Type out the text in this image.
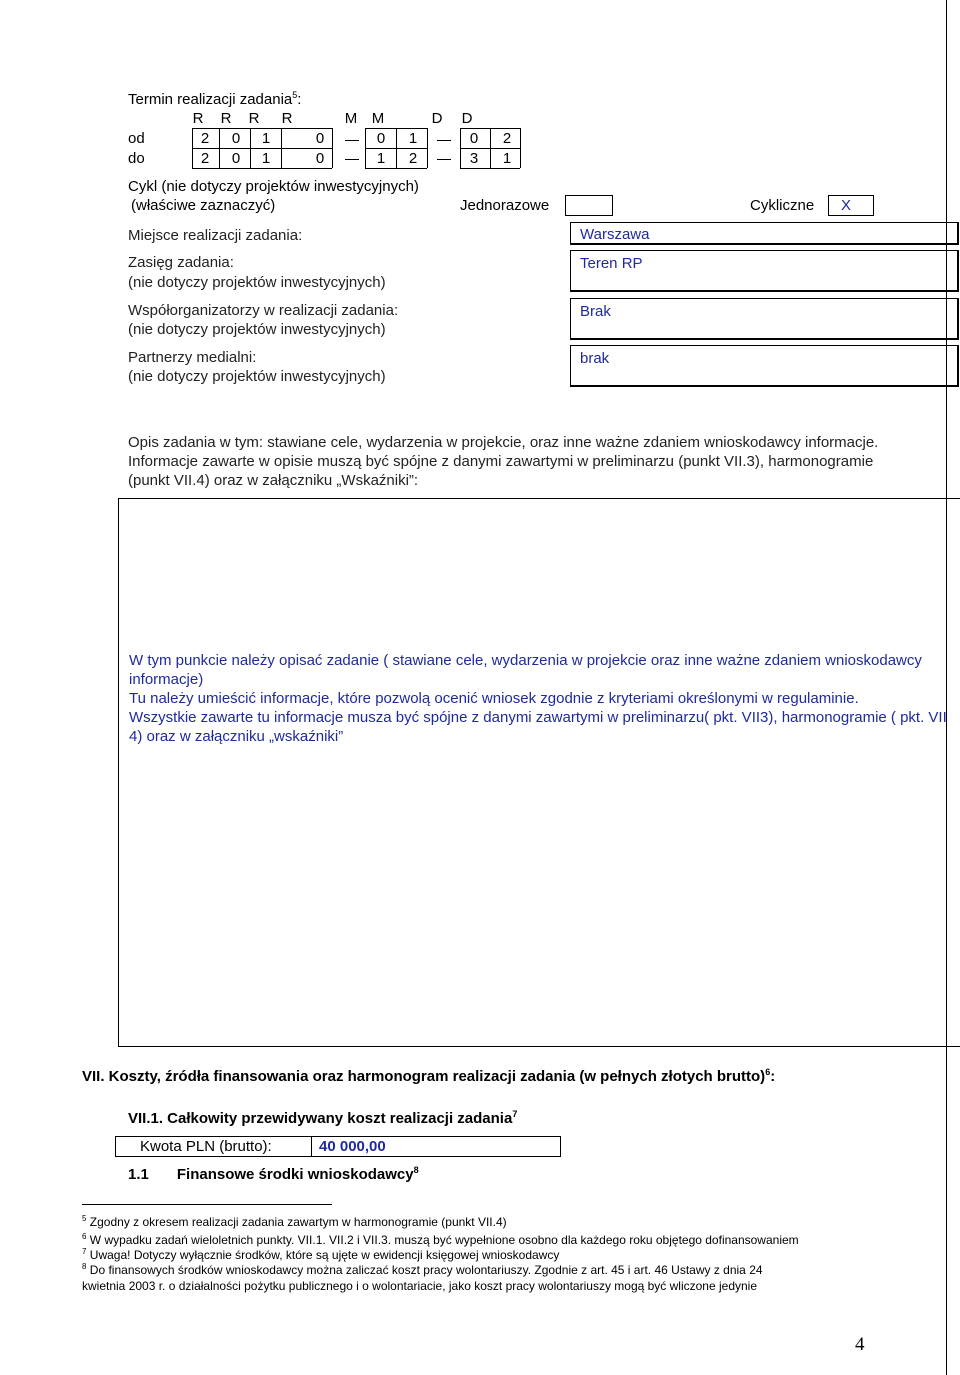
Termin realizacji zadania$^5$:
R	R	R	R	M M	D	D
od	2	0	1	0	0	1	0	2
do	2	0	1	0	1	2	3	1
Cykl (nie dotyczy projektów inwestycyjnych)
(właściwe zaznaczyć)	Jednorazowe	Cykliczne	X
Miejsce realizacji zadania:	Warszawa
Zasięg zadania:
(nie dotyczy projektów inwestycyjnych)
Teren RP
Współorganizatorzy w realizacji zadania:
(nie dotyczy projektów inwestycyjnych)
Brak
Partnerzy medialni:
(nie dotyczy projektów inwestycyjnych)
brak
Opis zadania w tym: stawiane cele, wydarzenia w projekcie, oraz inne ważne zdaniem wnioskodawcy informacje.
Informacje zawarte w opisie muszą być spójne z danymi zawartymi w preliminarzu (punkt VII.3), harmonogramie
(punkt VII.4) oraz w załączniku „Wskaźniki”:

W tym punkcie należy opisać zadanie ( stawiane cele, wydarzenia w projekcie oraz inne ważne zdaniem wnioskodawcy informacje)

Tu należy umieścić informacje, które pozwolą ocenić wniosek zgodnie z kryteriami określonymi w regulaminie.

Wszystkie zawarte tu informacje musza być spójne z danymi zawartymi w preliminarzu( pkt. VII3), harmonogramie ( pkt. VII 4) oraz w załączniku „wskaźniki”

VII. Koszty, źródła finansowania oraz harmonogram realizacji zadania (w pełnych złotych brutto)$^6$:
VII.1. Całkowity przewidywany koszt realizacji zadania$^7$
Kwota PLN (brutto):	40 000,00
1.1 Finansowe środki wnioskodawcy$^8$
$^5$ Zgodny z okresem realizacji zadania zawartym w harmonogramie (punkt VII.4)
$^6$ W wypadku zadań wieloletnich punkty. VII.1. VII.2 i VII.3. muszą być wypełnione osobno dla każdego roku objętego dofinansowaniem
$^7$ Uwaga! Dotyczy wyłącznie środków, które są ujęte w ewidencji księgowej wnioskodawcy
$^8$ Do finansowych środków wnioskodawcy można zaliczać koszt pracy wolontariuszy. Zgodnie z art. 45 i art. 46 Ustawy z dnia 24
kwietnia 2003 r. o działalności pożytku publicznego i o wolontariacie, jako koszt pracy wolontariuszy mogą być wliczone jedynie
4
